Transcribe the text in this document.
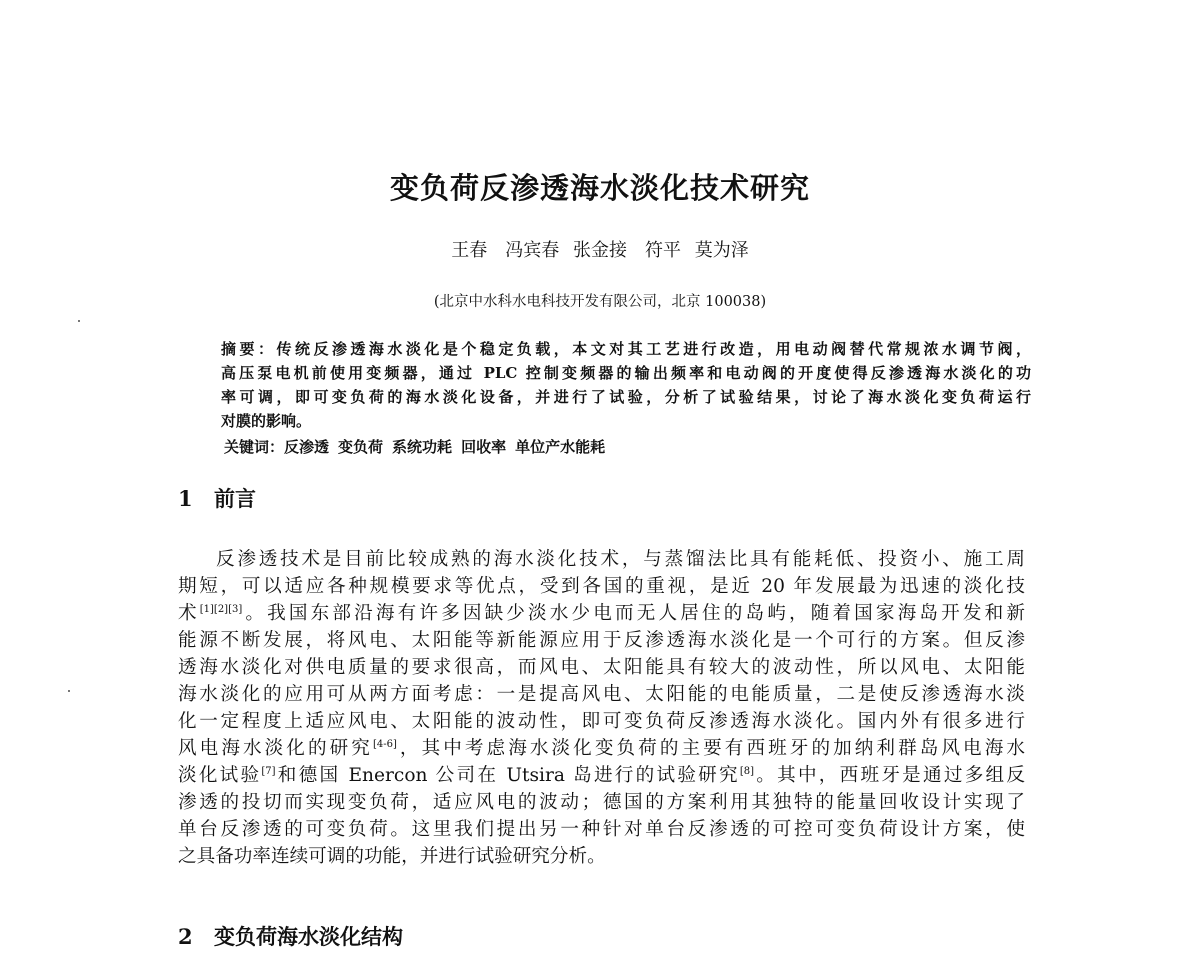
变负荷反渗透海水淡化技术研究
王春　冯宾春 张金接　符平 莫为泽
(北京中水科水电科技开发有限公司，北京 100038)
摘要：传统反渗透海水淡化是个稳定负载，本文对其工艺进行改造，用电动阀替代常规浓水调节阀，
高压泵电机前使用变频器，通过 PLC 控制变频器的输出频率和电动阀的开度使得反渗透海水淡化的功
率可调，即可变负荷的海水淡化设备，并进行了试验，分析了试验结果，讨论了海水淡化变负荷运行
对膜的影响。
关键词：反渗透 变负荷 系统功耗 回收率 单位产水能耗
1 前言
反渗透技术是目前比较成熟的海水淡化技术，与蒸馏法比具有能耗低、投资小、施工周
期短，可以适应各种规模要求等优点，受到各国的重视，是近 20 年发展最为迅速的淡化技
术[1][2][3]。我国东部沿海有许多因缺少淡水少电而无人居住的岛屿，随着国家海岛开发和新
能源不断发展，将风电、太阳能等新能源应用于反渗透海水淡化是一个可行的方案。但反渗
透海水淡化对供电质量的要求很高，而风电、太阳能具有较大的波动性，所以风电、太阳能
海水淡化的应用可从两方面考虑：一是提高风电、太阳能的电能质量，二是使反渗透海水淡
化一定程度上适应风电、太阳能的波动性，即可变负荷反渗透海水淡化。国内外有很多进行
风电海水淡化的研究[4-6]，其中考虑海水淡化变负荷的主要有西班牙的加纳利群岛风电海水
淡化试验[7]和德国 Enercon 公司在 Utsira 岛进行的试验研究[8]。其中，西班牙是通过多组反
渗透的投切而实现变负荷，适应风电的波动；德国的方案利用其独特的能量回收设计实现了
单台反渗透的可变负荷。这里我们提出另一种针对单台反渗透的可控可变负荷设计方案，使
之具备功率连续可调的功能，并进行试验研究分析。
2 变负荷海水淡化结构
